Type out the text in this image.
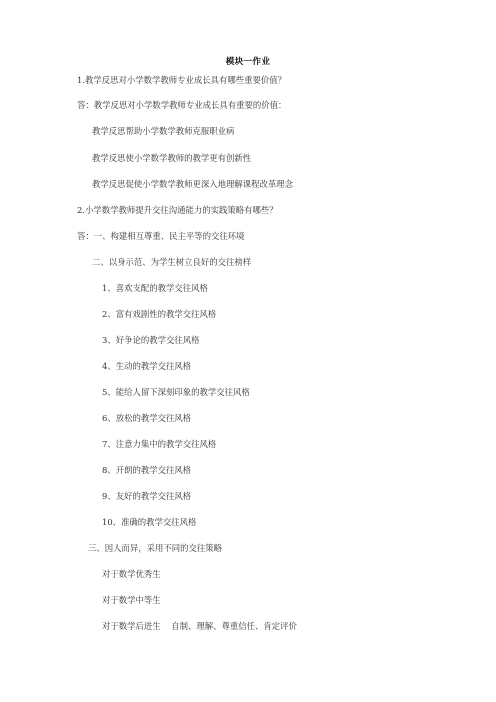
模块一作业
1.教学反思对小学数学教师专业成长具有哪些重要价值？
答：教学反思对小学数学教师专业成长具有重要的价值：
教学反思帮助小学数学教师克服职业病
教学反思使小学数学教师的教学更有创新性
教学反思促使小学数学教师更深入地理解课程改革理念
2.小学数学教师提升交往沟通能力的实践策略有哪些？
答：一、构建相互尊重、民主平等的交往环境
二、以身示范、为学生树立良好的交往榜样
1、喜欢支配的教学交往风格
2、富有戏剧性的教学交往风格
3、好争论的教学交往风格
4、生动的教学交往风格
5、能给人留下深刻印象的教学交往风格
6、放松的教学交往风格
7、注意力集中的教学交往风格
8、开朗的教学交往风格
9、友好的教学交往风格
10、准确的教学交往风格
三、因人而异，采用不同的交往策略
对于数学优秀生
对于数学中等生
对于数学后进生    自制、理解、尊重信任、肯定评价
